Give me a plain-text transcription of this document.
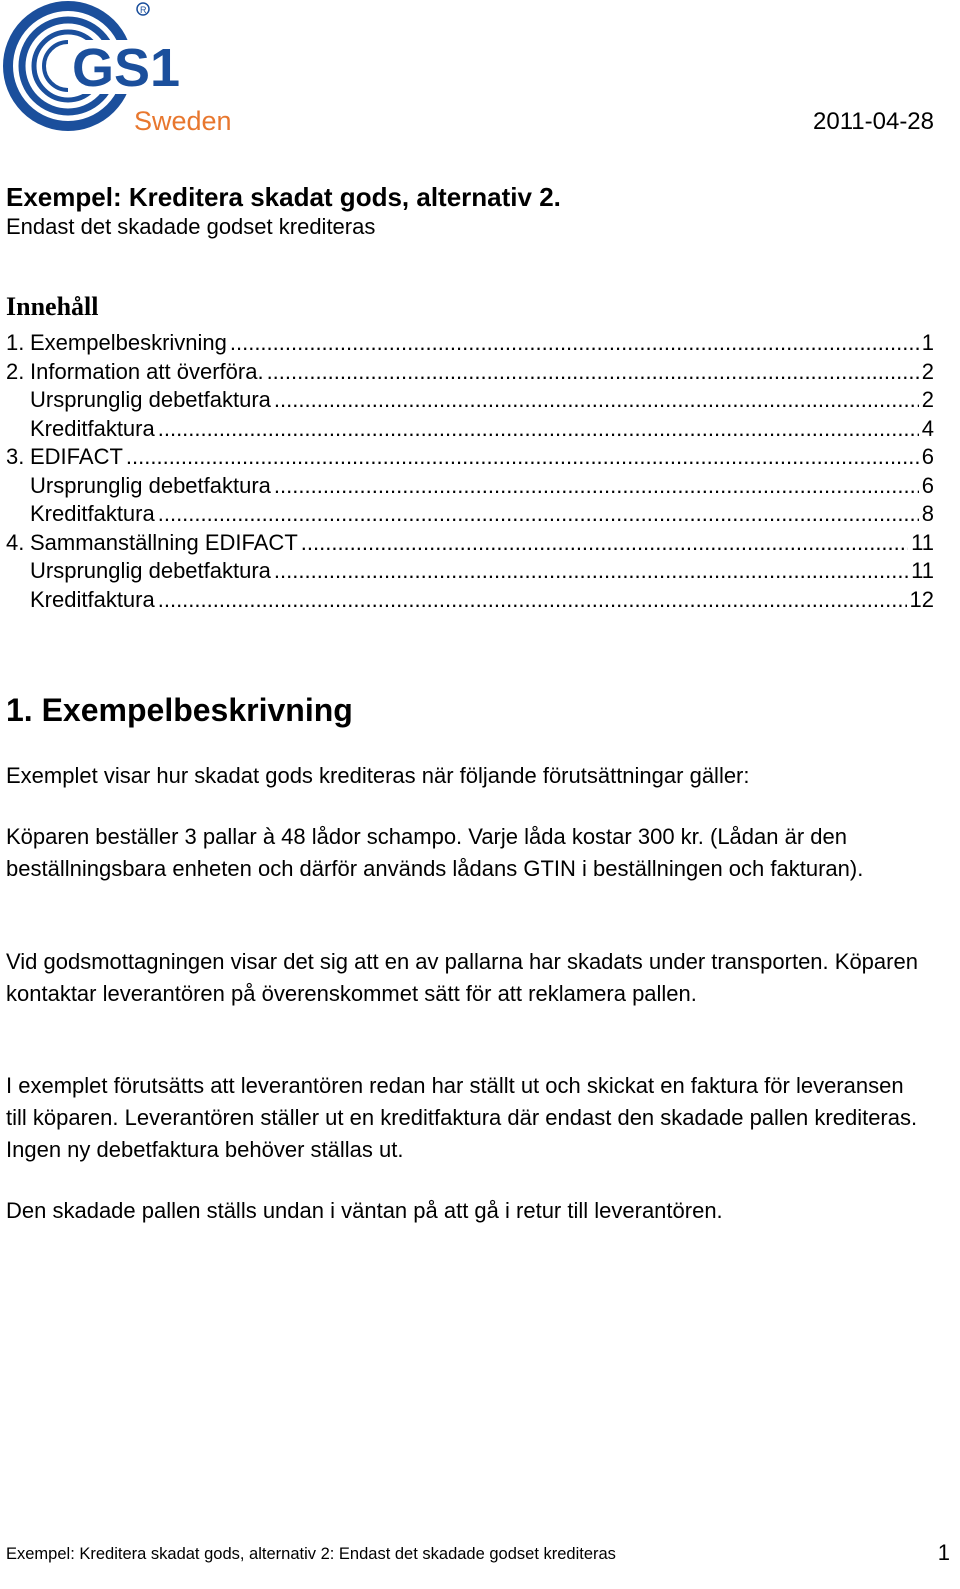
GS1
R
Sweden	2011-04-28
Exempel: Kreditera skadat gods, alternativ 2.
Endast det skadade godset krediteras
Innehåll
1. Exempelbeskrivning .....	1
2. Information att överföra. .....	2
Ursprunglig debetfaktura .....	2
Kreditfaktura .....	4
3. EDIFACT .....	6
Ursprunglig debetfaktura .....	6
Kreditfaktura .....	8
4. Sammanställning EDIFACT .....	11
Ursprunglig debetfaktura .....	11
Kreditfaktura .....	12
1. Exempelbeskrivning
Exemplet visar hur skadat gods krediteras när följande förutsättningar gäller:
Köparen beställer 3 pallar à 48 lådor schampo. Varje låda kostar 300 kr. (Lådan är den beställningsbara enheten och därför används lådans GTIN i beställningen och fakturan).
Vid godsmottagningen visar det sig att en av pallarna har skadats under transporten. Köparen kontaktar leverantören på överenskommet sätt för att reklamera pallen.
I exemplet förutsätts att leverantören redan har ställt ut och skickat en faktura för leveransen till köparen. Leverantören ställer ut en kreditfaktura där endast den skadade pallen krediteras. Ingen ny debetfaktura behöver ställas ut.
Den skadade pallen ställs undan i väntan på att gå i retur till leverantören.
Exempel: Kreditera skadat gods, alternativ 2: Endast det skadade godset krediteras	1
